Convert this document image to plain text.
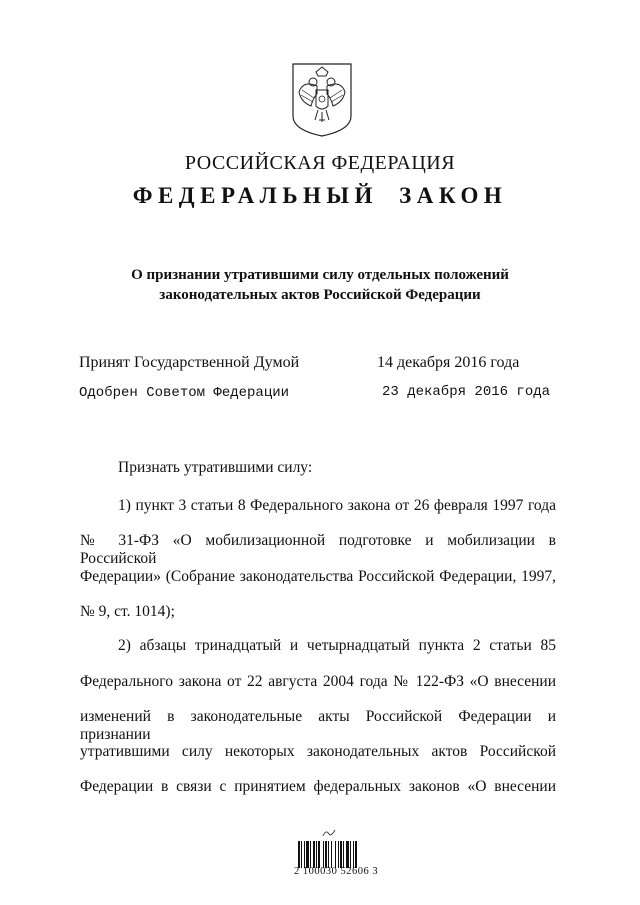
РОССИЙСКАЯ ФЕДЕРАЦИЯ
ФЕДЕРАЛЬНЫЙ ЗАКОН
О признании утратившими силу отдельных положений
законодательных актов Российской Федерации
Принят Государственной Думой	14 декабря 2016 года
Одобрен Советом Федерации	23 декабря 2016 года
Признать утратившими силу:
1) пункт 3 статьи 8 Федерального закона от 26 февраля 1997 года
№ 31-ФЗ «О мобилизационной подготовке и мобилизации в Российской
Федерации» (Собрание законодательства Российской Федерации, 1997,
№ 9, ст. 1014);
2) абзацы тринадцатый и четырнадцатый пункта 2 статьи 85
Федерального закона от 22 августа 2004 года № 122-ФЗ «О внесении
изменений в законодательные акты Российской Федерации и признании
утратившими силу некоторых законодательных актов Российской
Федерации в связи с принятием федеральных законов «О внесении
2 100030 52606 3
